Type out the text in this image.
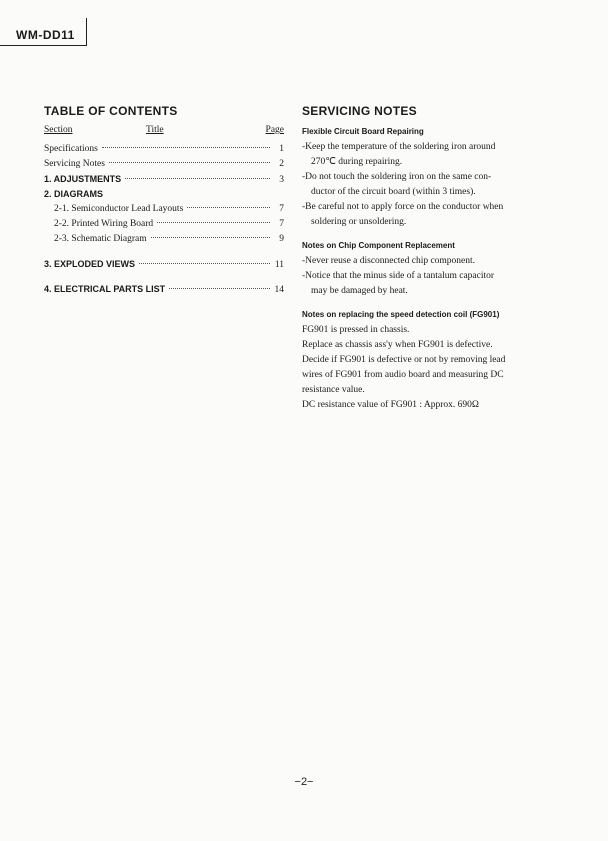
WM-DD11
TABLE OF CONTENTS
Section	Title	Page
Specifications	1
Servicing Notes	2
1. ADJUSTMENTS	3
2. DIAGRAMS
2-1. Semiconductor Lead Layouts	7
2-2. Printed Wiring Board	7
2-3. Schematic Diagram	9
3. EXPLODED VIEWS	11
4. ELECTRICAL PARTS LIST	14
SERVICING NOTES
Flexible Circuit Board Repairing
-Keep the temperature of the soldering iron around
270℃ during repairing.
-Do not touch the soldering iron on the same con-
ductor of the circuit board (within 3 times).
-Be careful not to apply force on the conductor when
soldering or unsoldering.
Notes on Chip Component Replacement
-Never reuse a disconnected chip component.
-Notice that the minus side of a tantalum capacitor
may be damaged by heat.
Notes on replacing the speed detection coil (FG901)
FG901 is pressed in chassis.
Replace as chassis ass'y when FG901 is defective.
Decide if FG901 is defective or not by removing lead
wires of FG901 from audio board and measuring DC
resistance value.
DC resistance value of FG901 : Approx. 690Ω
−2−
